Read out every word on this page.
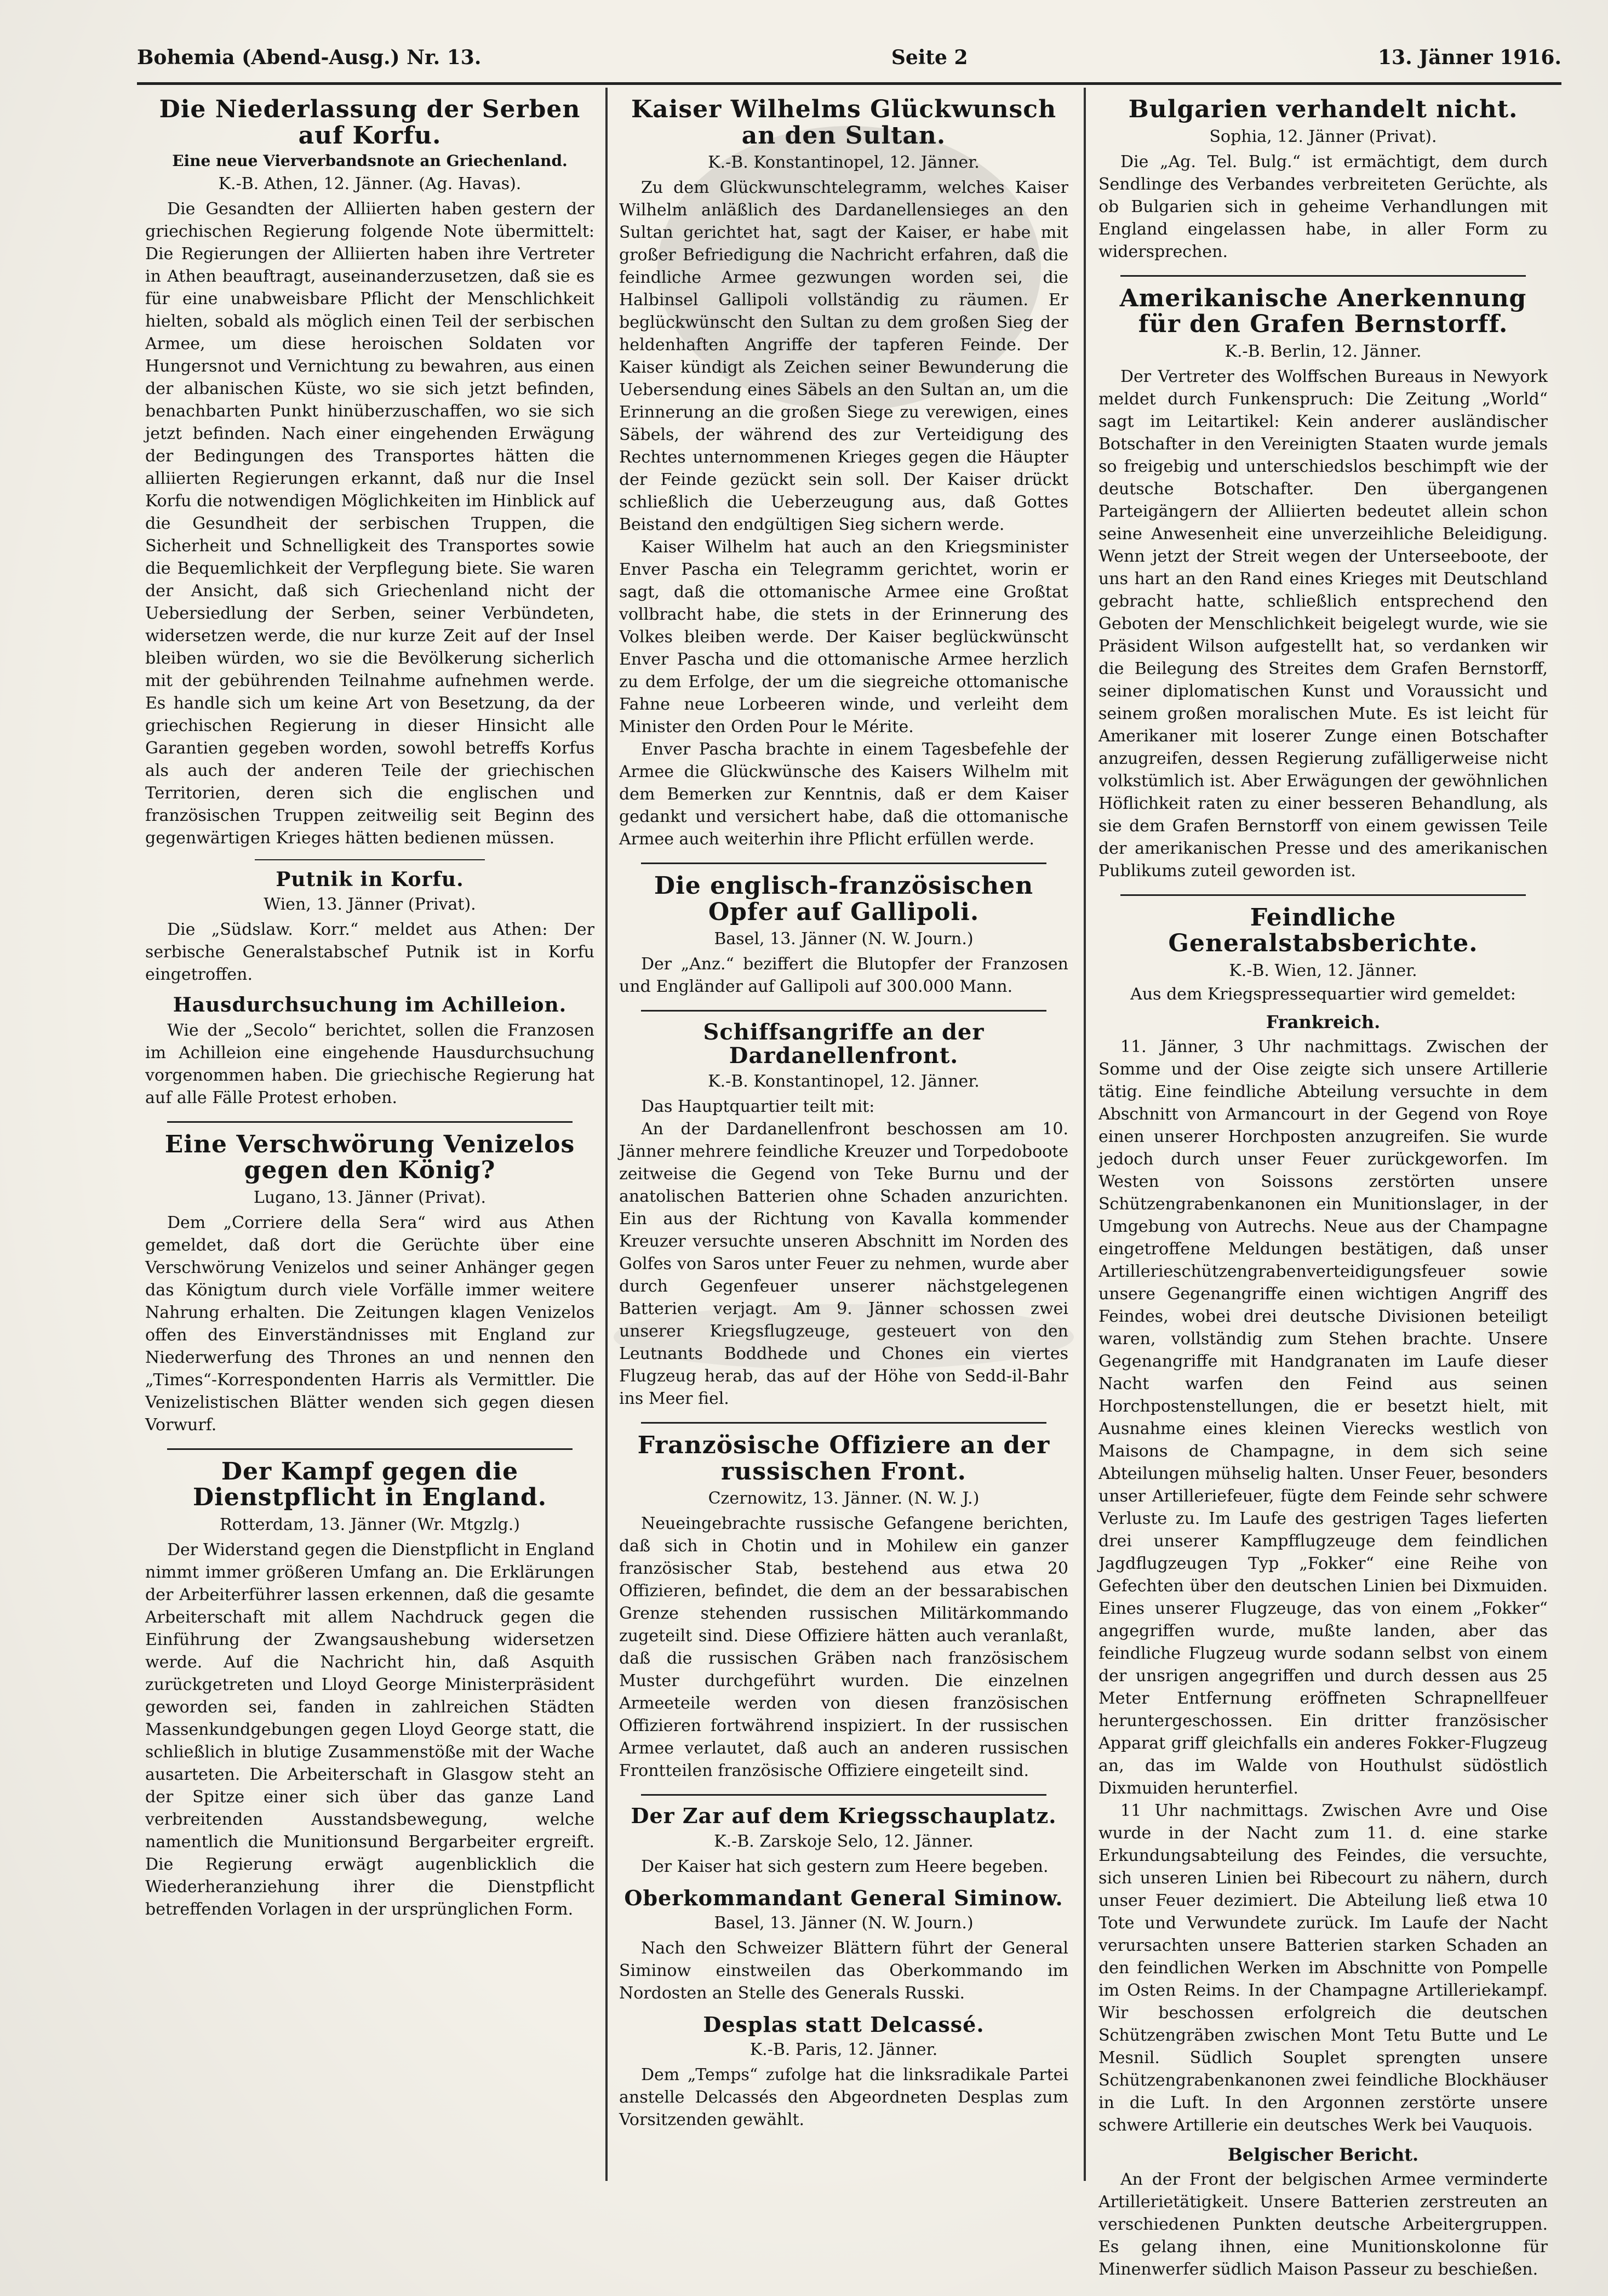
Bohemia (Abend-Ausg.) Nr. 13.	Seite 2	13. Jänner 1916.
Die Niederlassung der Serben auf Korfu.
Eine neue Vierverbandsnote an Griechenland.
K.-B. Athen, 12. Jänner. (Ag. Havas).

Die Gesandten der Alliierten haben gestern der griechischen Regierung folgende Note übermittelt: Die Regierungen der Alliierten haben ihre Vertreter in Athen beauftragt, auseinanderzusetzen, daß sie es für eine unabweisbare Pflicht der Menschlichkeit hielten, sobald als möglich einen Teil der serbischen Armee, um diese heroischen Soldaten vor Hungersnot und Vernichtung zu bewahren, aus einen der albanischen Küste, wo sie sich jetzt befinden, benachbarten Punkt hinüberzuschaffen, wo sie sich jetzt befinden. Nach einer eingehenden Erwägung der Bedingungen des Transportes hätten die alliierten Regierungen erkannt, daß nur die Insel Korfu die notwendigen Möglichkeiten im Hinblick auf die Gesundheit der serbischen Truppen, die Sicherheit und Schnelligkeit des Transportes sowie die Bequemlichkeit der Verpflegung biete. Sie waren der Ansicht, daß sich Griechenland nicht der Uebersiedlung der Serben, seiner Verbündeten, widersetzen werde, die nur kurze Zeit auf der Insel bleiben würden, wo sie die Bevölkerung sicherlich mit der gebührenden Teilnahme aufnehmen werde. Es handle sich um keine Art von Besetzung, da der griechischen Regierung in dieser Hinsicht alle Garantien gegeben worden, sowohl betreffs Korfus als auch der anderen Teile der griechischen Territorien, deren sich die englischen und französischen Truppen zeitweilig seit Beginn des gegenwärtigen Krieges hätten bedienen müssen.

Putnik in Korfu.
Wien, 13. Jänner (Privat).

Die „Südslaw. Korr.“ meldet aus Athen: Der serbische Generalstabschef Putnik ist in Korfu eingetroffen.

Hausdurchsuchung im Achilleion.

Wie der „Secolo“ berichtet, sollen die Franzosen im Achilleion eine eingehende Hausdurchsuchung vorgenommen haben. Die griechische Regierung hat auf alle Fälle Protest erhoben.

Eine Verschwörung Venizelos gegen den König?
Lugano, 13. Jänner (Privat).

Dem „Corriere della Sera“ wird aus Athen gemeldet, daß dort die Gerüchte über eine Verschwörung Venizelos und seiner Anhänger gegen das Königtum durch viele Vorfälle immer weitere Nahrung erhalten. Die Zeitungen klagen Venizelos offen des Einverständnisses mit England zur Niederwerfung des Thrones an und nennen den „Times“-Korrespondenten Harris als Vermittler. Die Venizelistischen Blätter wenden sich gegen diesen Vorwurf.

Der Kampf gegen die Dienstpflicht in England.
Rotterdam, 13. Jänner (Wr. Mtgzlg.)

Der Widerstand gegen die Dienstpflicht in England nimmt immer größeren Umfang an. Die Erklärungen der Arbeiterführer lassen erkennen, daß die gesamte Arbeiterschaft mit allem Nachdruck gegen die Einführung der Zwangsaushebung widersetzen werde. Auf die Nachricht hin, daß Asquith zurückgetreten und Lloyd George Ministerpräsident geworden sei, fanden in zahlreichen Städten Massenkundgebungen gegen Lloyd George statt, die schließlich in blutige Zusammenstöße mit der Wache ausarteten. Die Arbeiterschaft in Glasgow steht an der Spitze einer sich über das ganze Land verbreitenden Ausstandsbewegung, welche namentlich die Munitionsund Bergarbeiter ergreift. Die Regierung erwägt augenblicklich die Wiederheranziehung ihrer die Dienstpflicht betreffenden Vorlagen in der ursprünglichen Form.

Kaiser Wilhelms Glückwunsch an den Sultan.
K.-B. Konstantinopel, 12. Jänner.

Zu dem Glückwunschtelegramm, welches Kaiser Wilhelm anläßlich des Dardanellensieges an den Sultan gerichtet hat, sagt der Kaiser, er habe mit großer Befriedigung die Nachricht erfahren, daß die feindliche Armee gezwungen worden sei, die Halbinsel Gallipoli vollständig zu räumen. Er beglückwünscht den Sultan zu dem großen Sieg der heldenhaften Angriffe der tapferen Feinde. Der Kaiser kündigt als Zeichen seiner Bewunderung die Uebersendung eines Säbels an den Sultan an, um die Erinnerung an die großen Siege zu verewigen, eines Säbels, der während des zur Verteidigung des Rechtes unternommenen Krieges gegen die Häupter der Feinde gezückt sein soll. Der Kaiser drückt schließlich die Ueberzeugung aus, daß Gottes Beistand den endgültigen Sieg sichern werde.

Kaiser Wilhelm hat auch an den Kriegsminister Enver Pascha ein Telegramm gerichtet, worin er sagt, daß die ottomanische Armee eine Großtat vollbracht habe, die stets in der Erinnerung des Volkes bleiben werde. Der Kaiser beglückwünscht Enver Pascha und die ottomanische Armee herzlich zu dem Erfolge, der um die siegreiche ottomanische Fahne neue Lorbeeren winde, und verleiht dem Minister den Orden Pour le Mérite.

Enver Pascha brachte in einem Tagesbefehle der Armee die Glückwünsche des Kaisers Wilhelm mit dem Bemerken zur Kenntnis, daß er dem Kaiser gedankt und versichert habe, daß die ottomanische Armee auch weiterhin ihre Pflicht erfüllen werde.

Die englisch-französischen Opfer auf Gallipoli.
Basel, 13. Jänner (N. W. Journ.)

Der „Anz.“ beziffert die Blutopfer der Franzosen und Engländer auf Gallipoli auf 300.000 Mann.

Schiffsangriffe an der Dardanellenfront.
K.-B. Konstantinopel, 12. Jänner.

Das Hauptquartier teilt mit:

An der Dardanellenfront beschossen am 10. Jänner mehrere feindliche Kreuzer und Torpedoboote zeitweise die Gegend von Teke Burnu und der anatolischen Batterien ohne Schaden anzurichten. Ein aus der Richtung von Kavalla kommender Kreuzer versuchte unseren Abschnitt im Norden des Golfes von Saros unter Feuer zu nehmen, wurde aber durch Gegenfeuer unserer nächstgelegenen Batterien verjagt. Am 9. Jänner schossen zwei unserer Kriegsflugzeuge, gesteuert von den Leutnants Boddhede und Chones ein viertes Flugzeug herab, das auf der Höhe von Sedd-il-Bahr ins Meer fiel.

Französische Offiziere an der russischen Front.
Czernowitz, 13. Jänner. (N. W. J.)

Neueingebrachte russische Gefangene berichten, daß sich in Chotin und in Mohilew ein ganzer französischer Stab, bestehend aus etwa 20 Offizieren, befindet, die dem an der bessarabischen Grenze stehenden russischen Militärkommando zugeteilt sind. Diese Offiziere hätten auch veranlaßt, daß die russischen Gräben nach französischem Muster durchgeführt wurden. Die einzelnen Armeeteile werden von diesen französischen Offizieren fortwährend inspiziert. In der russischen Armee verlautet, daß auch an anderen russischen Frontteilen französische Offiziere eingeteilt sind.

Der Zar auf dem Kriegsschauplatz.
K.-B. Zarskoje Selo, 12. Jänner.

Der Kaiser hat sich gestern zum Heere begeben.

Oberkommandant General Siminow.
Basel, 13. Jänner (N. W. Journ.)

Nach den Schweizer Blättern führt der General Siminow einstweilen das Oberkommando im Nordosten an Stelle des Generals Russki.

Desplas statt Delcassé.
K.-B. Paris, 12. Jänner.

Dem „Temps“ zufolge hat die linksradikale Partei anstelle Delcassés den Abgeordneten Desplas zum Vorsitzenden gewählt.

Bulgarien verhandelt nicht.
Sophia, 12. Jänner (Privat).

Die „Ag. Tel. Bulg.“ ist ermächtigt, dem durch Sendlinge des Verbandes verbreiteten Gerüchte, als ob Bulgarien sich in geheime Verhandlungen mit England eingelassen habe, in aller Form zu widersprechen.

Amerikanische Anerkennung für den Grafen Bernstorff.
K.-B. Berlin, 12. Jänner.

Der Vertreter des Wolffschen Bureaus in Newyork meldet durch Funkenspruch: Die Zeitung „World“ sagt im Leitartikel: Kein anderer ausländischer Botschafter in den Vereinigten Staaten wurde jemals so freigebig und unterschiedslos beschimpft wie der deutsche Botschafter. Den übergangenen Parteigängern der Alliierten bedeutet allein schon seine Anwesenheit eine unverzeihliche Beleidigung. Wenn jetzt der Streit wegen der Unterseeboote, der uns hart an den Rand eines Krieges mit Deutschland gebracht hatte, schließlich entsprechend den Geboten der Menschlichkeit beigelegt wurde, wie sie Präsident Wilson aufgestellt hat, so verdanken wir die Beilegung des Streites dem Grafen Bernstorff, seiner diplomatischen Kunst und Voraussicht und seinem großen moralischen Mute. Es ist leicht für Amerikaner mit loserer Zunge einen Botschafter anzugreifen, dessen Regierung zufälligerweise nicht volkstümlich ist. Aber Erwägungen der gewöhnlichen Höflichkeit raten zu einer besseren Behandlung, als sie dem Grafen Bernstorff von einem gewissen Teile der amerikanischen Presse und des amerikanischen Publikums zuteil geworden ist.

Feindliche Generalstabsberichte.
K.-B. Wien, 12. Jänner.
Aus dem Kriegspressequartier wird gemeldet:
Frankreich.

11. Jänner, 3 Uhr nachmittags. Zwischen der Somme und der Oise zeigte sich unsere Artillerie tätig. Eine feindliche Abteilung versuchte in dem Abschnitt von Armancourt in der Gegend von Roye einen unserer Horchposten anzugreifen. Sie wurde jedoch durch unser Feuer zurückgeworfen. Im Westen von Soissons zerstörten unsere Schützengrabenkanonen ein Munitionslager, in der Umgebung von Autrechs. Neue aus der Champagne eingetroffene Meldungen bestätigen, daß unser Artillerieschützengrabenverteidigungsfeuer sowie unsere Gegenangriffe einen wichtigen Angriff des Feindes, wobei drei deutsche Divisionen beteiligt waren, vollständig zum Stehen brachte. Unsere Gegenangriffe mit Handgranaten im Laufe dieser Nacht warfen den Feind aus seinen Horchpostenstellungen, die er besetzt hielt, mit Ausnahme eines kleinen Vierecks westlich von Maisons de Champagne, in dem sich seine Abteilungen mühselig halten. Unser Feuer, besonders unser Artilleriefeuer, fügte dem Feinde sehr schwere Verluste zu. Im Laufe des gestrigen Tages lieferten drei unserer Kampfflugzeuge dem feindlichen Jagdflugzeugen Typ „Fokker“ eine Reihe von Gefechten über den deutschen Linien bei Dixmuiden. Eines unserer Flugzeuge, das von einem „Fokker“ angegriffen wurde, mußte landen, aber das feindliche Flugzeug wurde sodann selbst von einem der unsrigen angegriffen und durch dessen aus 25 Meter Entfernung eröffneten Schrapnellfeuer heruntergeschossen. Ein dritter französischer Apparat griff gleichfalls ein anderes Fokker-Flugzeug an, das im Walde von Houthulst südöstlich Dixmuiden herunterfiel.

11 Uhr nachmittags. Zwischen Avre und Oise wurde in der Nacht zum 11. d. eine starke Erkundungsabteilung des Feindes, die versuchte, sich unseren Linien bei Ribecourt zu nähern, durch unser Feuer dezimiert. Die Abteilung ließ etwa 10 Tote und Verwundete zurück. Im Laufe der Nacht verursachten unsere Batterien starken Schaden an den feindlichen Werken im Abschnitte von Pompelle im Osten Reims. In der Champagne Artilleriekampf. Wir beschossen erfolgreich die deutschen Schützengräben zwischen Mont Tetu Butte und Le Mesnil. Südlich Souplet sprengten unsere Schützengrabenkanonen zwei feindliche Blockhäuser in die Luft. In den Argonnen zerstörte unsere schwere Artillerie ein deutsches Werk bei Vauquois.

Belgischer Bericht.

An der Front der belgischen Armee verminderte Artillerietätigkeit. Unsere Batterien zerstreuten an verschiedenen Punkten deutsche Arbeitergruppen. Es gelang ihnen, eine Munitionskolonne für Minenwerfer südlich Maison Passeur zu beschießen.
